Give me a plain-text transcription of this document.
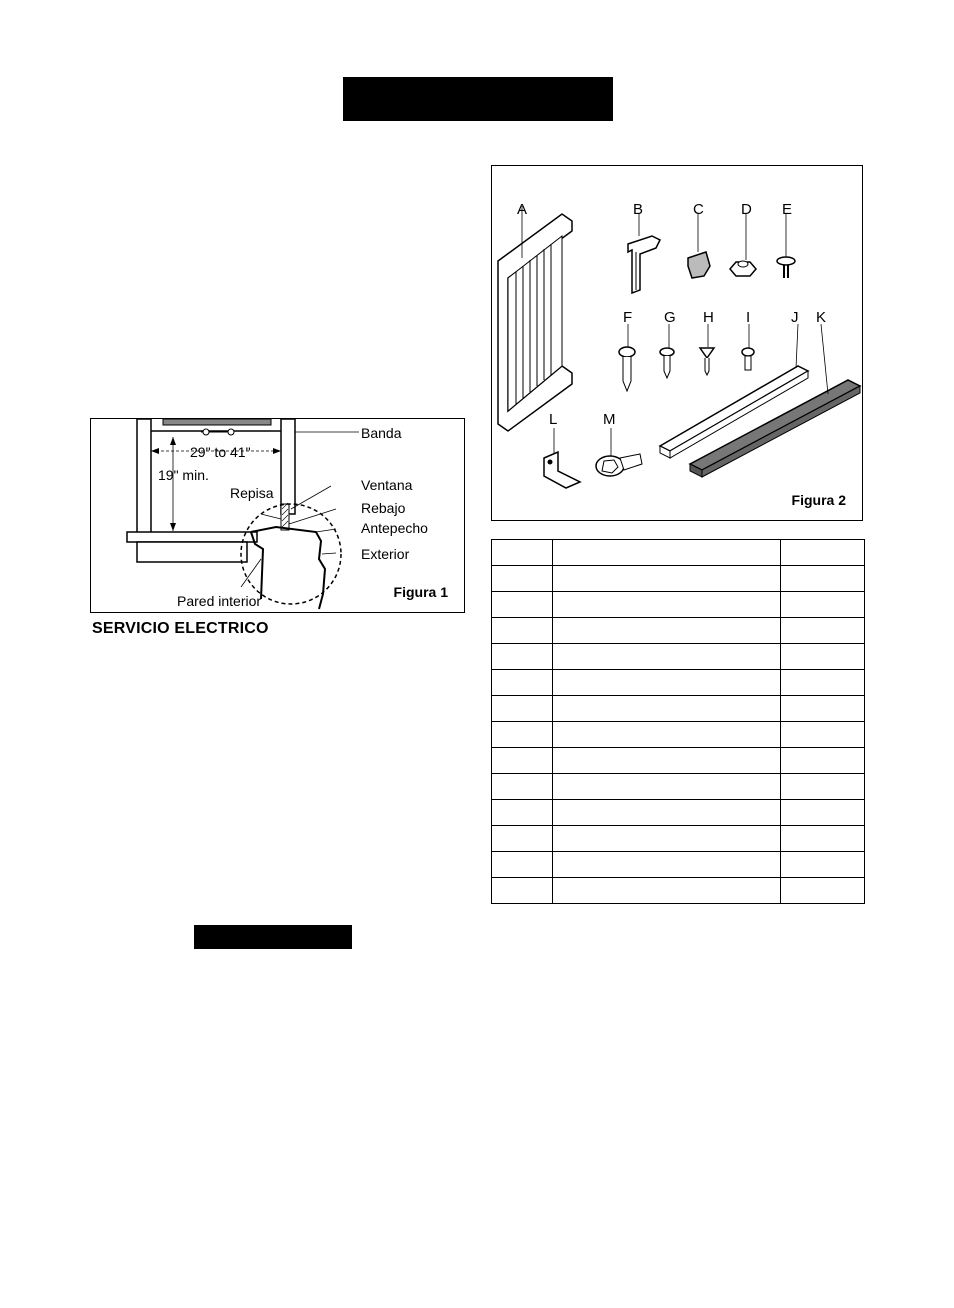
Banda
29" to 41"
19" min.
Repisa	Ventana
Rebajo
Antepecho
Exterior
Pared interior
Figura 1
SERVICIO ELECTRICO
A	B	C D E
F G H I	J K
L	M
Figura 2
